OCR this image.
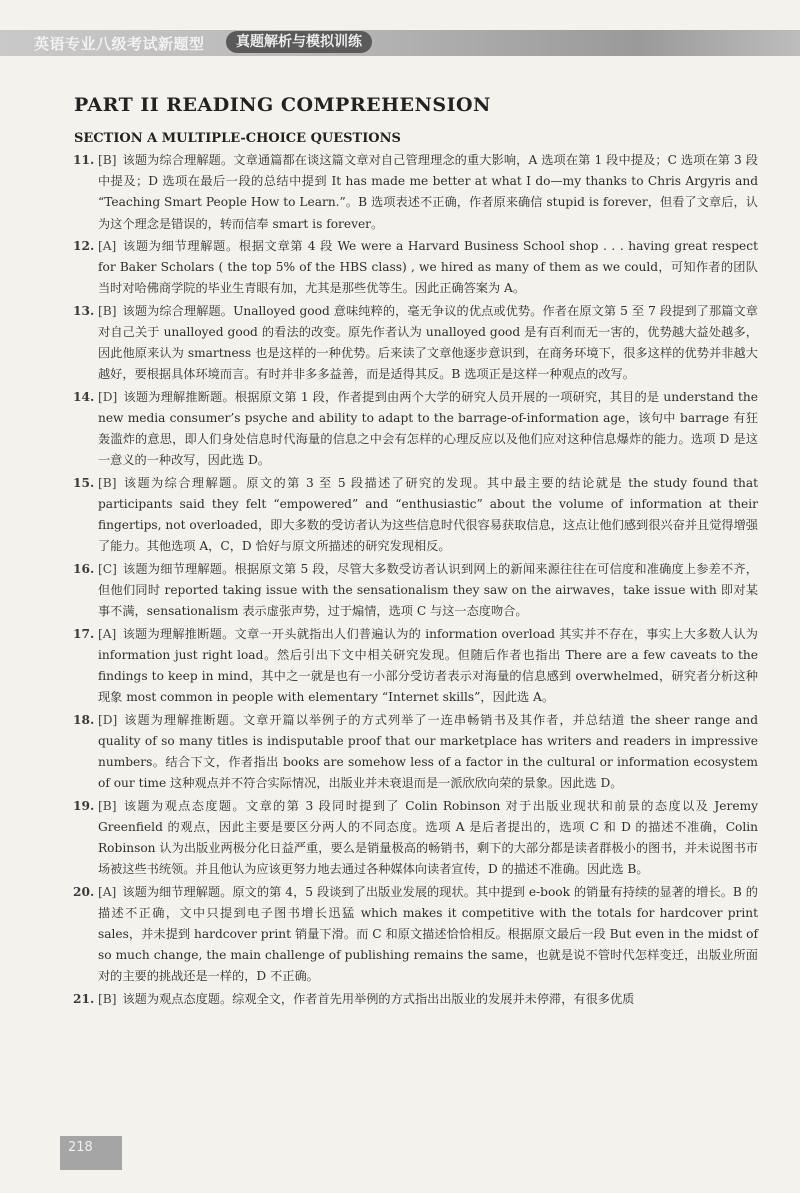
英语专业八级考试新题型	真题解析与模拟训练
PART II READING COMPREHENSION
SECTION A MULTIPLE-CHOICE QUESTIONS
11. [B] 该题为综合理解题。文章通篇都在谈这篇文章对自己管理理念的重大影响，A 选项在第 1 段中提及；C 选项在第 3 段中提及；D 选项在最后一段的总结中提到 It has made me better at what I do—my thanks to Chris Argyris and “Teaching Smart People How to Learn.”。B 选项表述不正确，作者原来确信 stupid is forever，但看了文章后，认为这个理念是错误的，转而信奉 smart is forever。
12. [A] 该题为细节理解题。根据文章第 4 段 We were a Harvard Business School shop . . . having great respect for Baker Scholars ( the top 5% of the HBS class) , we hired as many of them as we could，可知作者的团队当时对哈佛商学院的毕业生青眼有加，尤其是那些优等生。因此正确答案为 A。
13. [B] 该题为综合理解题。Unalloyed good 意味纯粹的，毫无争议的优点或优势。作者在原文第 5 至 7 段提到了那篇文章对自己关于 unalloyed good 的看法的改变。原先作者认为 unalloyed good 是有百利而无一害的，优势越大益处越多，因此他原来认为 smartness 也是这样的一种优势。后来读了文章他逐步意识到，在商务环境下，很多这样的优势并非越大越好，要根据具体环境而言。有时并非多多益善，而是适得其反。B 选项正是这样一种观点的改写。
14. [D] 该题为理解推断题。根据原文第 1 段，作者提到由两个大学的研究人员开展的一项研究，其目的是 understand the new media consumer’s psyche and ability to adapt to the barrage-of-information age，该句中 barrage 有狂轰滥炸的意思，即人们身处信息时代海量的信息之中会有怎样的心理反应以及他们应对这种信息爆炸的能力。选项 D 是这一意义的一种改写，因此选 D。
15. [B] 该题为综合理解题。原文的第 3 至 5 段描述了研究的发现。其中最主要的结论就是 the study found that participants said they felt “empowered” and “enthusiastic” about the volume of information at their fingertips, not overloaded，即大多数的受访者认为这些信息时代很容易获取信息，这点让他们感到很兴奋并且觉得增强了能力。其他选项 A，C，D 恰好与原文所描述的研究发现相反。
16. [C] 该题为细节理解题。根据原文第 5 段，尽管大多数受访者认识到网上的新闻来源往往在可信度和准确度上参差不齐，但他们同时 reported taking issue with the sensationalism they saw on the airwaves，take issue with 即对某事不满，sensationalism 表示虚张声势，过于煽情，选项 C 与这一态度吻合。
17. [A] 该题为理解推断题。文章一开头就指出人们普遍认为的 information overload 其实并不存在，事实上大多数人认为 information just right load。然后引出下文中相关研究发现。但随后作者也指出 There are a few caveats to the findings to keep in mind，其中之一就是也有一小部分受访者表示对海量的信息感到 overwhelmed，研究者分析这种现象 most common in people with elementary “Internet skills”，因此选 A。
18. [D] 该题为理解推断题。文章开篇以举例子的方式列举了一连串畅销书及其作者，并总结道 the sheer range and quality of so many titles is indisputable proof that our marketplace has writers and readers in impressive numbers。结合下文，作者指出 books are somehow less of a factor in the cultural or information ecosystem of our time 这种观点并不符合实际情况，出版业并未衰退而是一派欣欣向荣的景象。因此选 D。
19. [B] 该题为观点态度题。文章的第 3 段同时提到了 Colin Robinson 对于出版业现状和前景的态度以及 Jeremy Greenfield 的观点，因此主要是要区分两人的不同态度。选项 A 是后者提出的，选项 C 和 D 的描述不准确，Colin Robinson 认为出版业两极分化日益严重，要么是销量极高的畅销书，剩下的大部分都是读者群极小的图书，并未说图书市场被这些书统领。并且他认为应该更努力地去通过各种媒体向读者宣传，D 的描述不准确。因此选 B。
20. [A] 该题为细节理解题。原文的第 4，5 段谈到了出版业发展的现状。其中提到 e-book 的销量有持续的显著的增长。B 的描述不正确，文中只提到电子图书增长迅猛 which makes it competitive with the totals for hardcover print sales，并未提到 hardcover print 销量下滑。而 C 和原文描述恰恰相反。根据原文最后一段 But even in the midst of so much change, the main challenge of publishing remains the same，也就是说不管时代怎样变迁，出版业所面对的主要的挑战还是一样的，D 不正确。
21. [B] 该题为观点态度题。综观全文，作者首先用举例的方式指出出版业的发展并未停滞，有很多优质
218
